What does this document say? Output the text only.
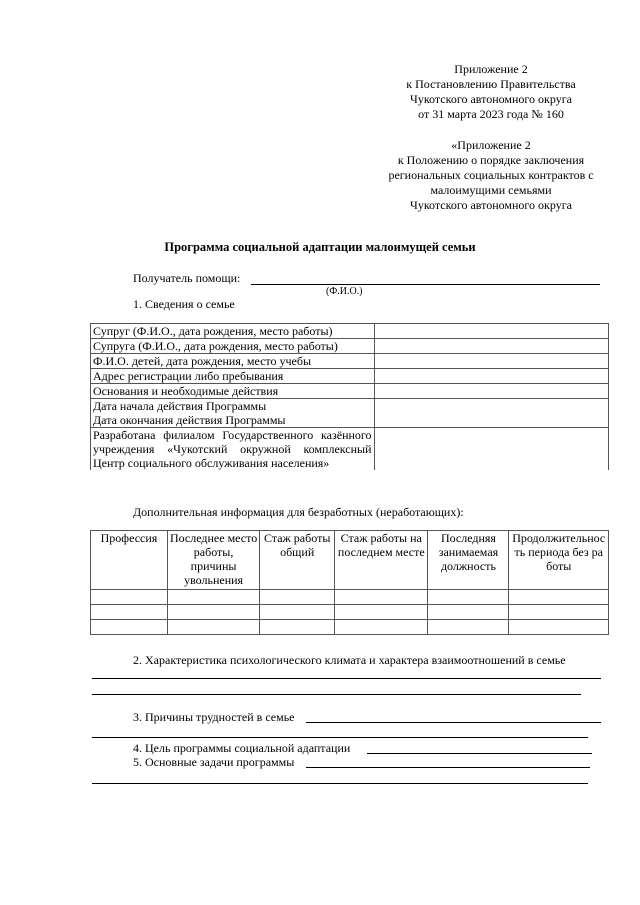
Приложение 2
к Постановлению Правительства
Чукотского автономного округа
от 31 марта 2023 года № 160
«Приложение 2
к Положению о порядке заключения
региональных социальных контрактов с
малоимущими семьями
Чукотского автономного округа
Программа социальной адаптации малоимущей семьи
Получатель помощи:
(Ф.И.О.)
1. Сведения о семье
Супруг (Ф.И.О., дата рождения, место работы)	
Супруга (Ф.И.О., дата рождения, место работы)	
Ф.И.О. детей, дата рождения, место учебы	
Адрес регистрации либо пребывания	
Основания и необходимые действия	

Дата начала действия Программы
Дата окончания действия Программы	

Разработана филиалом Государственного казённого учреждения «Чукотский окружной комплексный Центр социального обслуживания населения»	
Дополнительная информация для безработных (неработающих):
Профессия	Последнее место работы, причины увольнения	Стаж работы общий	Стаж работы на последнем месте	Последняя занимаемая должность	Продолжительность периода без работы

2. Характеристика психологического климата и характера взаимоотношений в семье
3. Причины трудностей в семье
4. Цель программы социальной адаптации
5. Основные задачи программы
